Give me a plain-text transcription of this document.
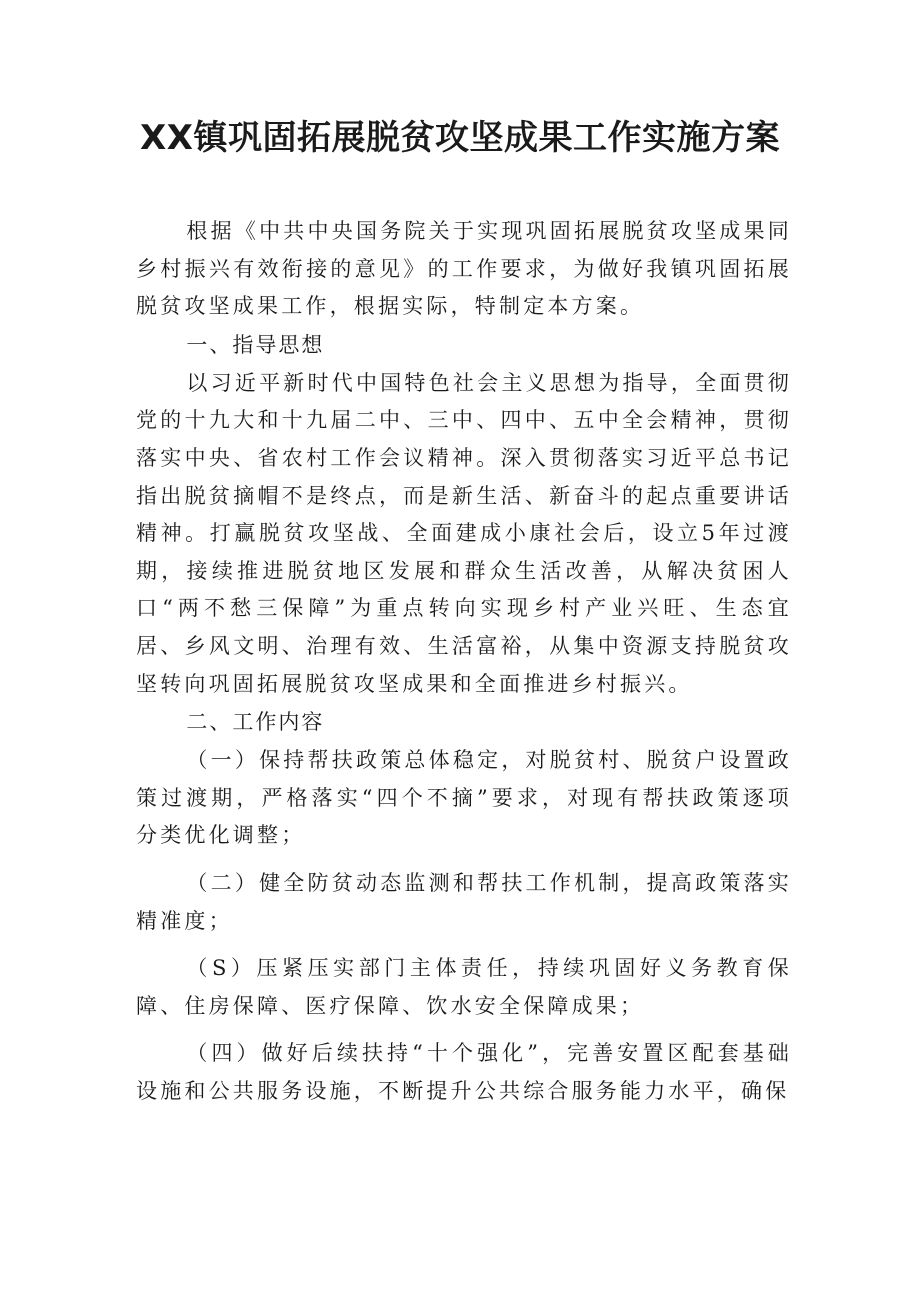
XX镇巩固拓展脱贫攻坚成果工作实施方案

根据《中共中央国务院关于实现巩固拓展脱贫攻坚成果同乡村振兴有效衔接的意见》的工作要求，为做好我镇巩固拓展脱贫攻坚成果工作，根据实际，特制定本方案。

一、指导思想

以习近平新时代中国特色社会主义思想为指导，全面贯彻党的十九大和十九届二中、三中、四中、五中全会精神，贯彻落实中央、省农村工作会议精神。深入贯彻落实习近平总书记指出脱贫摘帽不是终点，而是新生活、新奋斗的起点重要讲话精神。打赢脱贫攻坚战、全面建成小康社会后，设立5年过渡期，接续推进脱贫地区发展和群众生活改善，从解决贫困人口“两不愁三保障”为重点转向实现乡村产业兴旺、生态宜居、乡风文明、治理有效、生活富裕，从集中资源支持脱贫攻坚转向巩固拓展脱贫攻坚成果和全面推进乡村振兴。

二、工作内容

（一）保持帮扶政策总体稳定，对脱贫村、脱贫户设置政策过渡期，严格落实“四个不摘”要求，对现有帮扶政策逐项分类优化调整；

（二）健全防贫动态监测和帮扶工作机制，提高政策落实精准度；

（S）压紧压实部门主体责任，持续巩固好义务教育保障、住房保障、医疗保障、饮水安全保障成果；

（四）做好后续扶持“十个强化”，完善安置区配套基础设施和公共服务设施，不断提升公共综合服务能力水平，确保
